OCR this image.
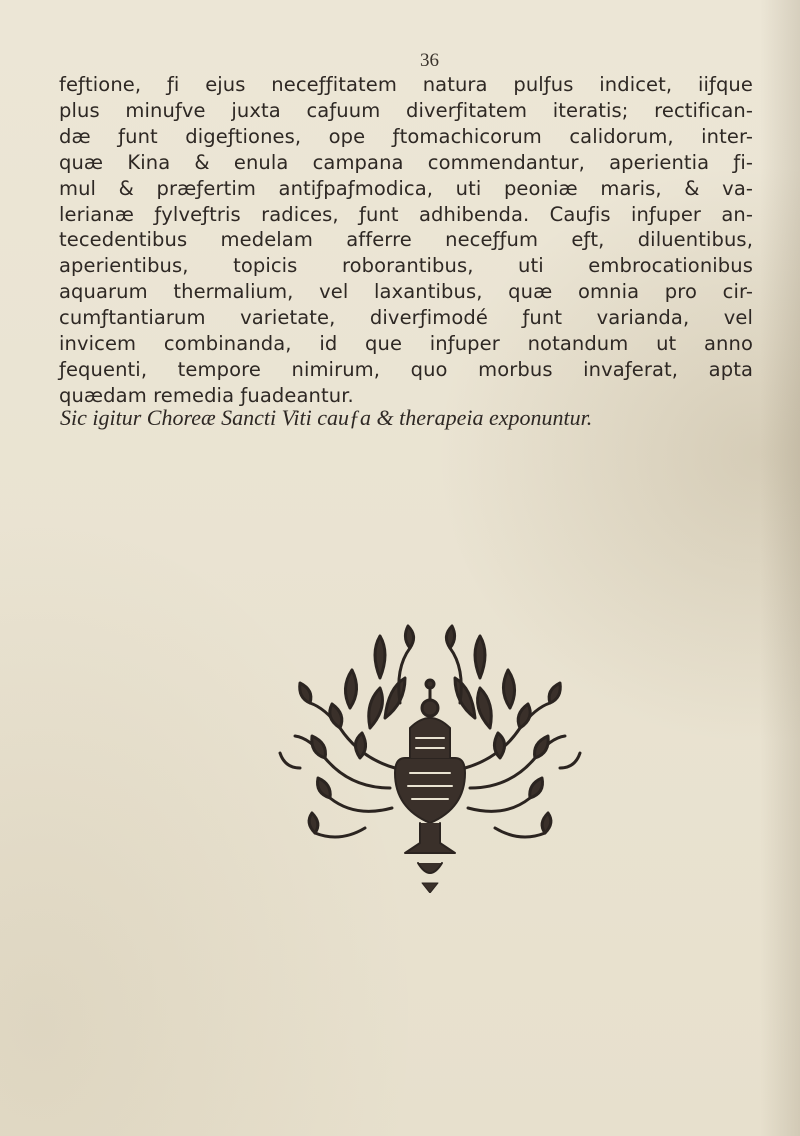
36
feƒtione, ƒi ejus neceƒƒitatem natura pulƒus indicet, iiƒque
plus minuƒve juxta caƒuum diverƒitatem iteratis; rectifican-
dæ ƒunt digeƒtiones, ope ƒtomachicorum calidorum, inter-
quæ Kina & enula campana commendantur, aperientia ƒi-
mul & præƒertim antiƒpaƒmodica, uti peoniæ maris, & va-
lerianæ ƒylveƒtris radices, ƒunt adhibenda. Cauƒis inƒuper an-
tecedentibus medelam afferre neceƒƒum eƒt, diluentibus,
aperientibus, topicis roborantibus, uti embrocationibus
aquarum thermalium, vel laxantibus, quæ omnia pro cir-
cumƒtantiarum varietate, diverƒimodé ƒunt varianda, vel
invicem combinanda, id que inƒuper notandum ut anno
ƒequenti, tempore nimirum, quo morbus invaƒerat, apta
quædam remedia ƒuadeantur.
Sic igitur Choreæ Sancti Viti cauƒa & therapeia exponuntur.
